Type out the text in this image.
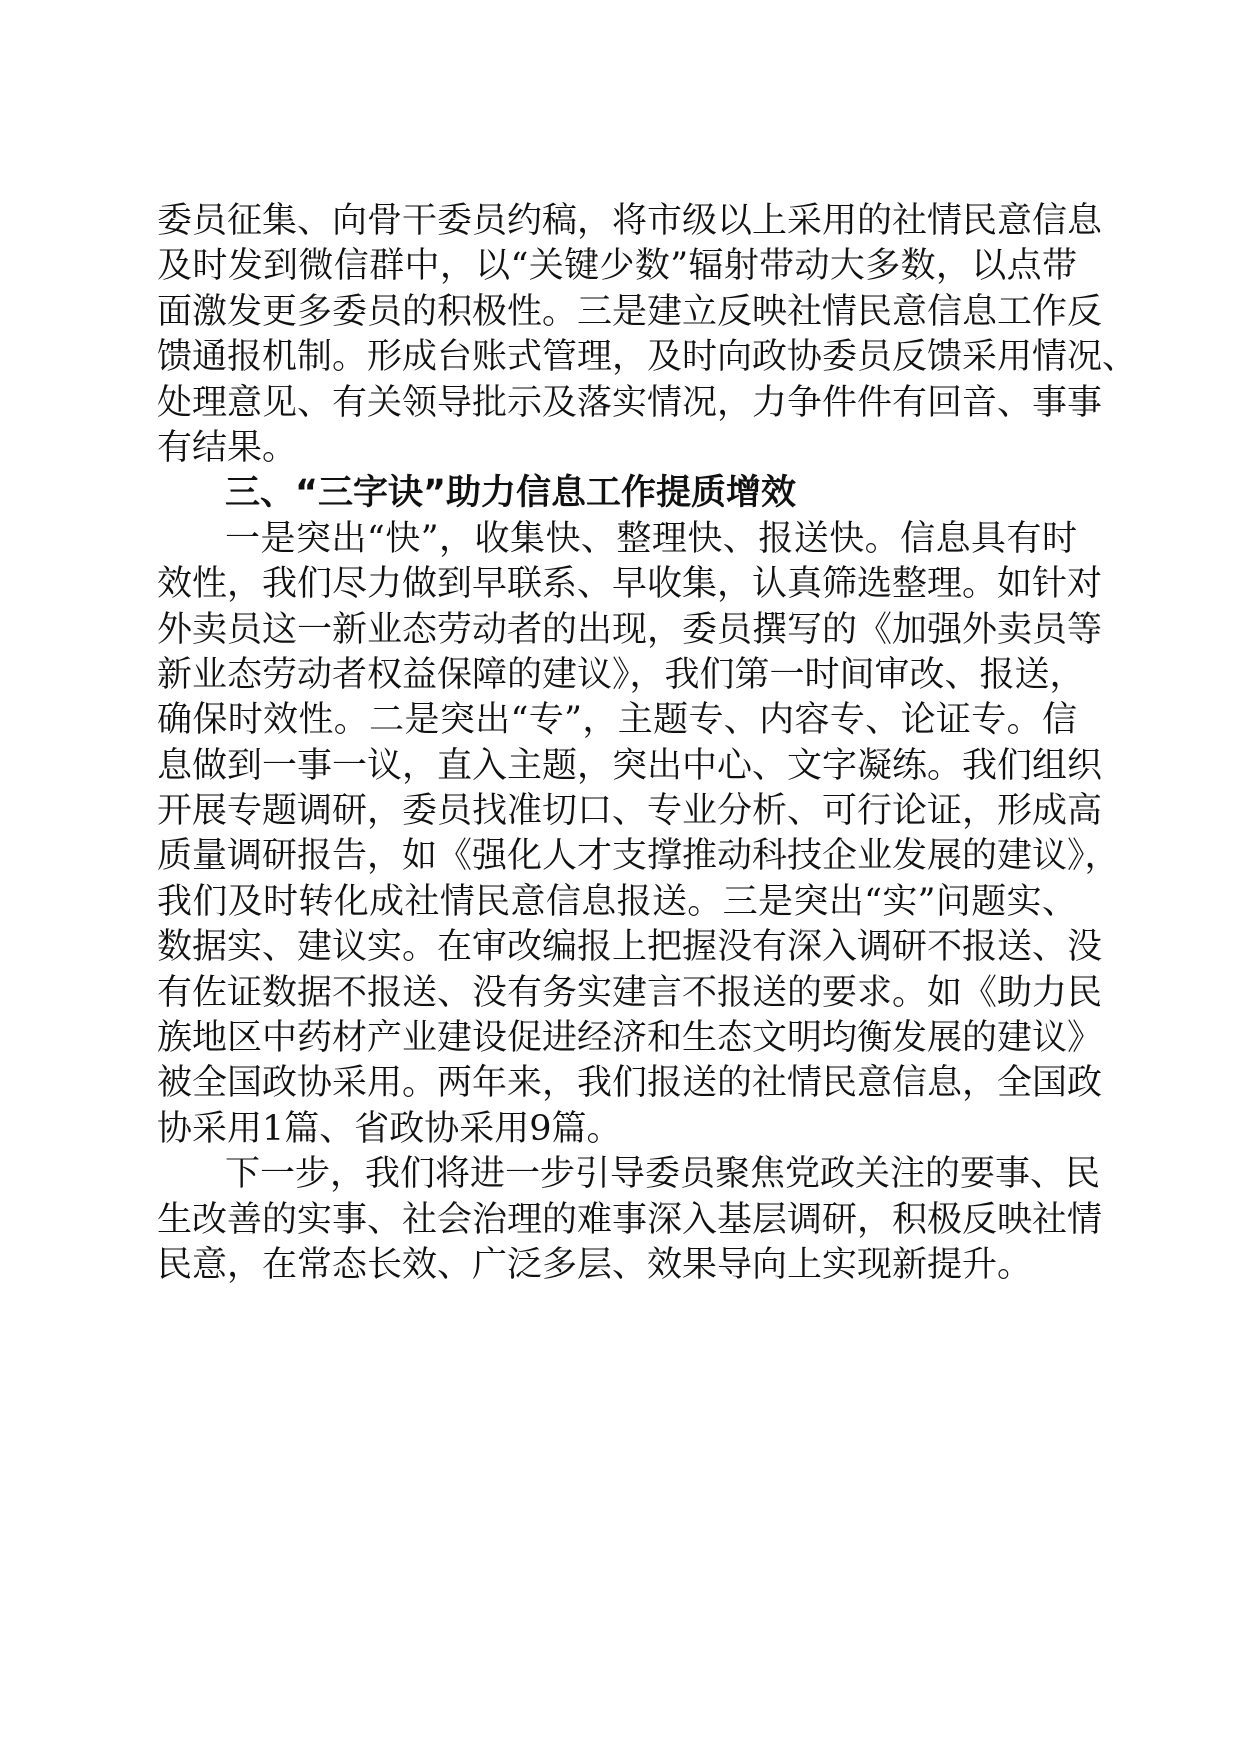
委员征集、向骨干委员约稿，将市级以上采用的社情民意信息
及时发到微信群中，以“关键少数”辐射带动大多数，以点带
面激发更多委员的积极性。三是建立反映社情民意信息工作反
馈通报机制。形成台账式管理，及时向政协委员反馈采用情况、
处理意见、有关领导批示及落实情况，力争件件有回音、事事
有结果。
三、“三字诀”助力信息工作提质增效
一是突出“快”，收集快、整理快、报送快。信息具有时
效性，我们尽力做到早联系、早收集，认真筛选整理。如针对
外卖员这一新业态劳动者的出现，委员撰写的《加强外卖员等
新业态劳动者权益保障的建议》，我们第一时间审改、报送，
确保时效性。二是突出“专”，主题专、内容专、论证专。信
息做到一事一议，直入主题，突出中心、文字凝练。我们组织
开展专题调研，委员找准切口、专业分析、可行论证，形成高
质量调研报告，如《强化人才支撑推动科技企业发展的建议》，
我们及时转化成社情民意信息报送。三是突出“实”问题实、
数据实、建议实。在审改编报上把握没有深入调研不报送、没
有佐证数据不报送、没有务实建言不报送的要求。如《助力民
族地区中药材产业建设促进经济和生态文明均衡发展的建议》
被全国政协采用。两年来，我们报送的社情民意信息，全国政
协采用1篇、省政协采用9篇。
下一步，我们将进一步引导委员聚焦党政关注的要事、民
生改善的实事、社会治理的难事深入基层调研，积极反映社情
民意，在常态长效、广泛多层、效果导向上实现新提升。
